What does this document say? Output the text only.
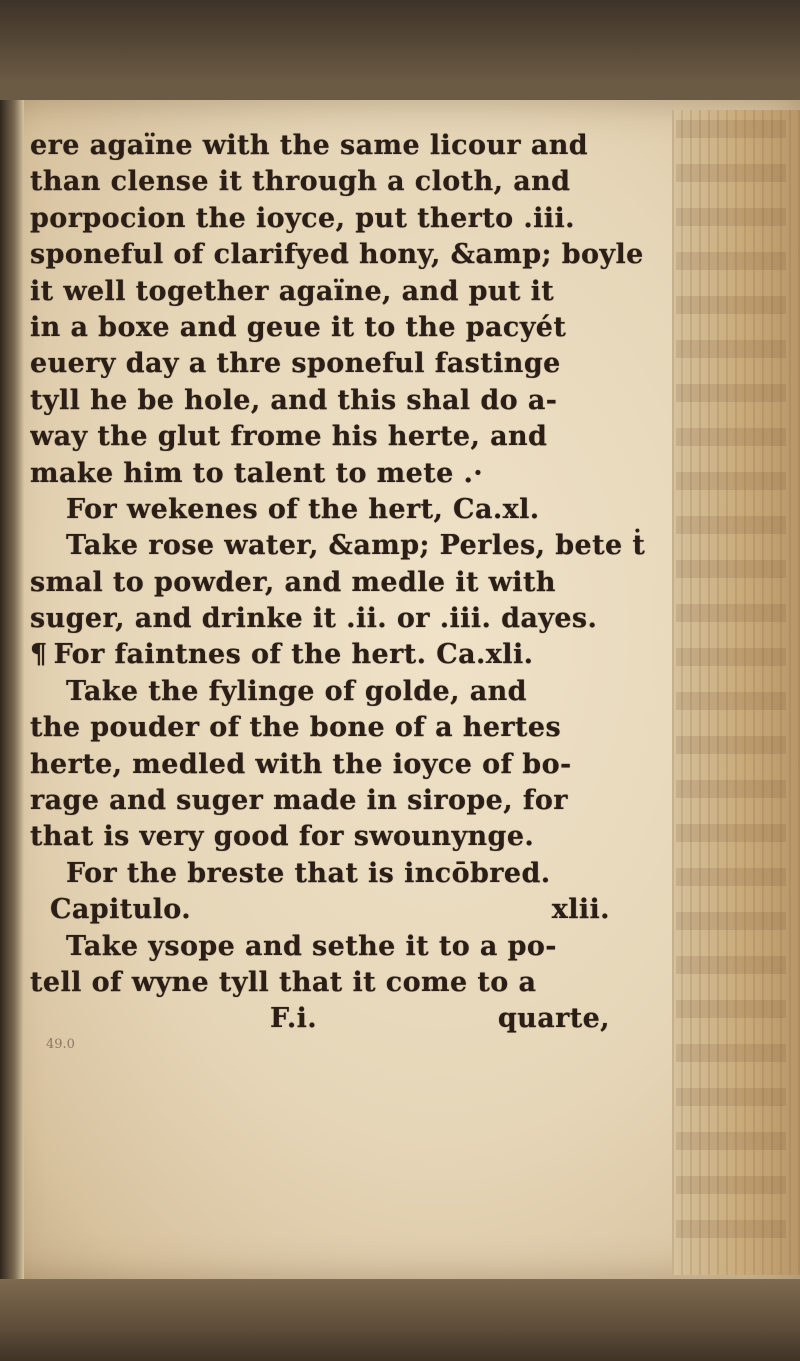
ere agaïne with the same licour and
than clense it through a cloth, and
porpocion the ioyce, put therto .iii.
sponeful of clarifyed hony, &amp; boyle
it well together agaïne, and put it
in a boxe and geue it to the pacyét
euery day a thre sponeful fastinge
tyll he be hole, and this shal do a-
way the glut frome his herte, and
make him to talent to mete .·
For wekenes of the hert, Ca.xl.
Take rose water, &amp; Perles, bete ṫ
smal to powder, and medle it with
suger, and drinke it .ii. or .iii. dayes.
¶ For faintnes of the hert. Ca.xli.
Take the fylinge of golde, and
the pouder of the bone of a hertes
herte, medled with the ioyce of bo-
rage and suger made in sirope, for
that is very good for swounynge.
For the breste that is incōbred.
Capitulo.	xlii.
Take ysope and sethe it to a po-
tell of wyne tyll that it come to a
F.i.	quarte,
49.0
